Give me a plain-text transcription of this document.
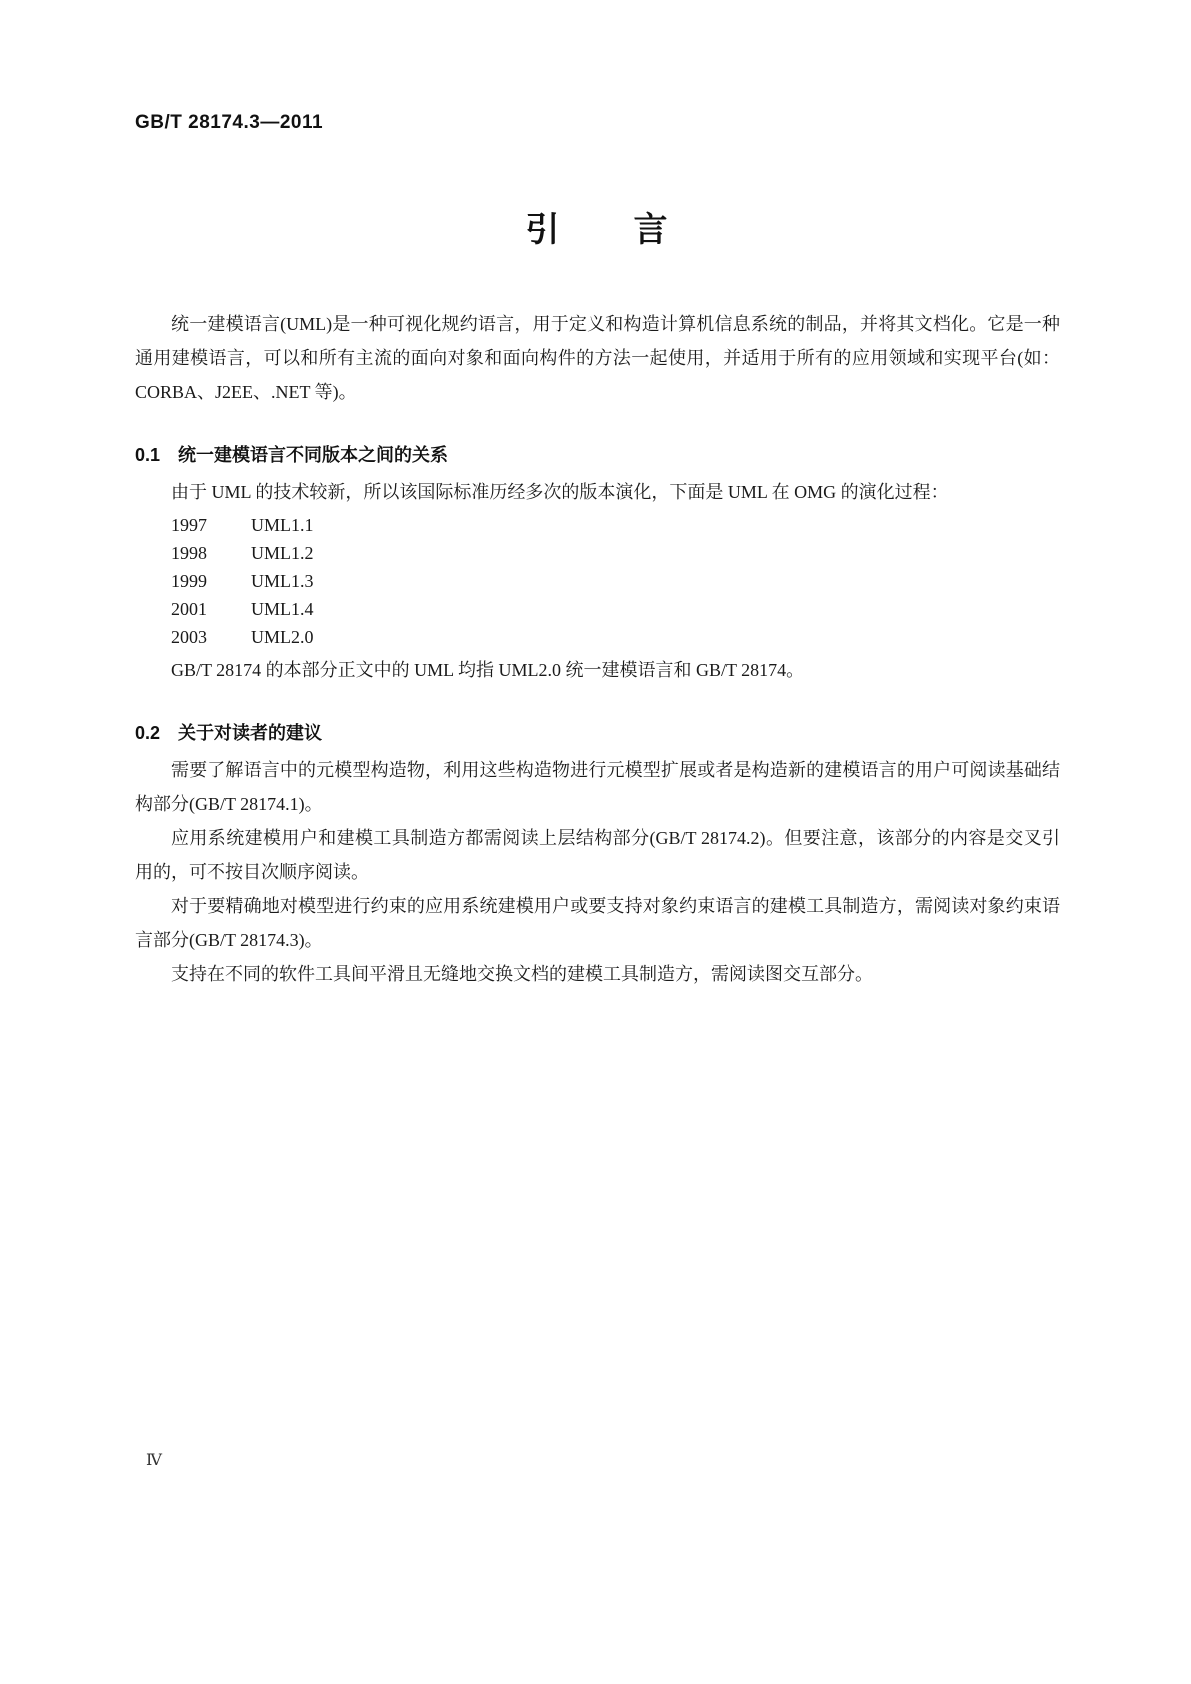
GB/T 28174.3—2011
引　　言
统一建模语言(UML)是一种可视化规约语言，用于定义和构造计算机信息系统的制品，并将其文档化。它是一种通用建模语言，可以和所有主流的面向对象和面向构件的方法一起使用，并适用于所有的应用领域和实现平台(如：CORBA、J2EE、.NET 等)。
0.1 统一建模语言不同版本之间的关系
由于 UML 的技术较新，所以该国际标准历经多次的版本演化，下面是 UML 在 OMG 的演化过程：
1997 UML1.1
1998 UML1.2
1999 UML1.3
2001 UML1.4
2003 UML2.0
GB/T 28174 的本部分正文中的 UML 均指 UML2.0 统一建模语言和 GB/T 28174。
0.2 关于对读者的建议
需要了解语言中的元模型构造物，利用这些构造物进行元模型扩展或者是构造新的建模语言的用户可阅读基础结构部分(GB/T 28174.1)。
应用系统建模用户和建模工具制造方都需阅读上层结构部分(GB/T 28174.2)。但要注意，该部分的内容是交叉引用的，可不按目次顺序阅读。
对于要精确地对模型进行约束的应用系统建模用户或要支持对象约束语言的建模工具制造方，需阅读对象约束语言部分(GB/T 28174.3)。
支持在不同的软件工具间平滑且无缝地交换文档的建模工具制造方，需阅读图交互部分。
Ⅳ
